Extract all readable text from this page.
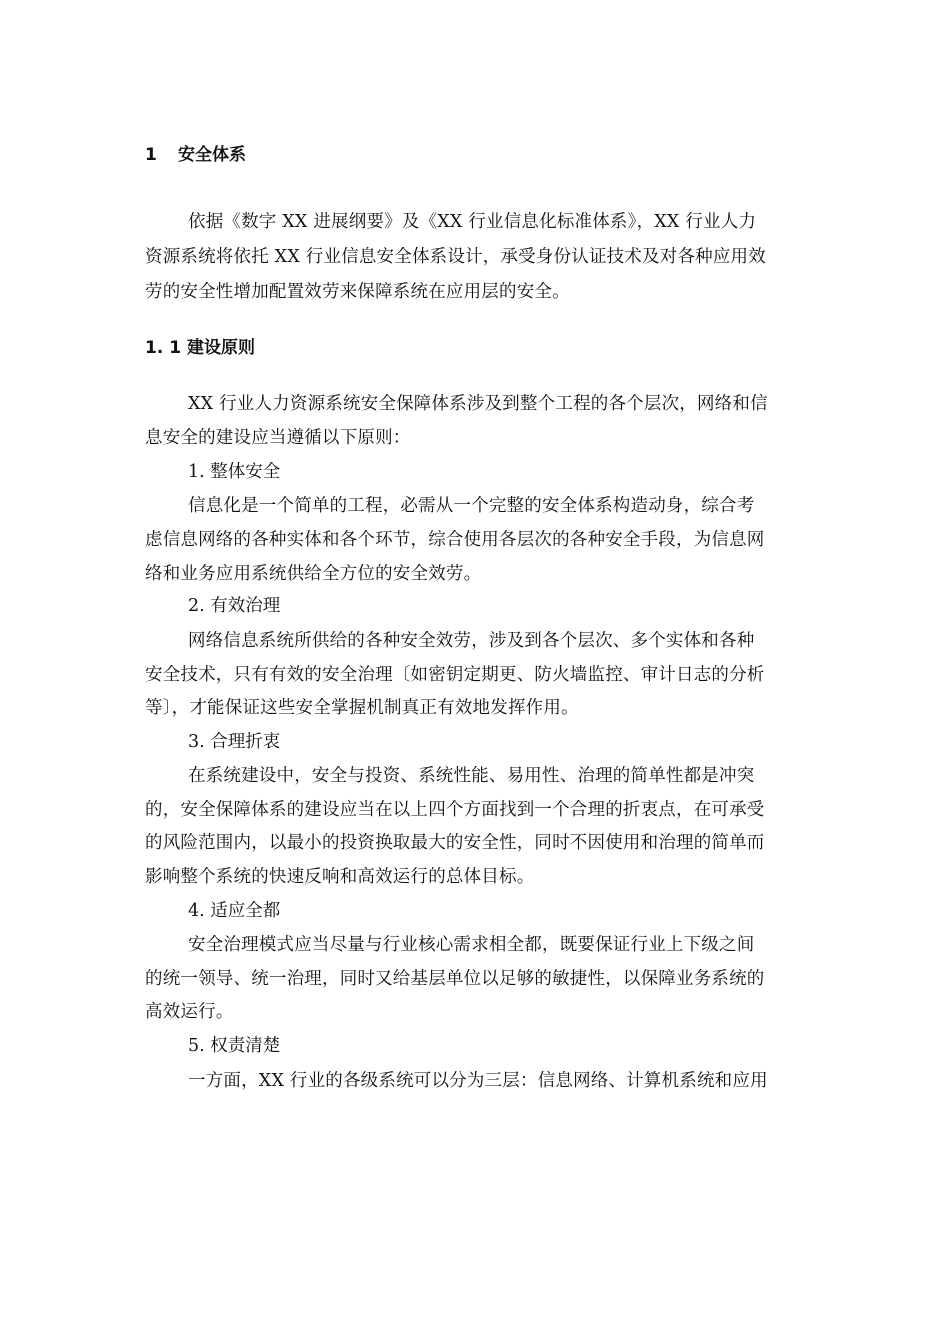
1 安全体系
依据《数字 XX 进展纲要》及《XX 行业信息化标准体系》，XX 行业人力
资源系统将依托 XX 行业信息安全体系设计，承受身份认证技术及对各种应用效
劳的安全性增加配置效劳来保障系统在应用层的安全。
1. 1 建设原则
XX 行业人力资源系统安全保障体系涉及到整个工程的各个层次，网络和信
息安全的建设应当遵循以下原则：
1. 整体安全
信息化是一个简单的工程，必需从一个完整的安全体系构造动身，综合考
虑信息网络的各种实体和各个环节，综合使用各层次的各种安全手段，为信息网
络和业务应用系统供给全方位的安全效劳。
2. 有效治理
网络信息系统所供给的各种安全效劳，涉及到各个层次、多个实体和各种
安全技术，只有有效的安全治理〔如密钥定期更、防火墙监控、审计日志的分析
等〕，才能保证这些安全掌握机制真正有效地发挥作用。
3. 合理折衷
在系统建设中，安全与投资、系统性能、易用性、治理的简单性都是冲突
的，安全保障体系的建设应当在以上四个方面找到一个合理的折衷点，在可承受
的风险范围内，以最小的投资换取最大的安全性，同时不因使用和治理的简单而
影响整个系统的快速反响和高效运行的总体目标。
4. 适应全都
安全治理模式应当尽量与行业核心需求相全都，既要保证行业上下级之间
的统一领导、统一治理，同时又给基层单位以足够的敏捷性，以保障业务系统的
高效运行。
5. 权责清楚
一方面，XX 行业的各级系统可以分为三层：信息网络、计算机系统和应用
